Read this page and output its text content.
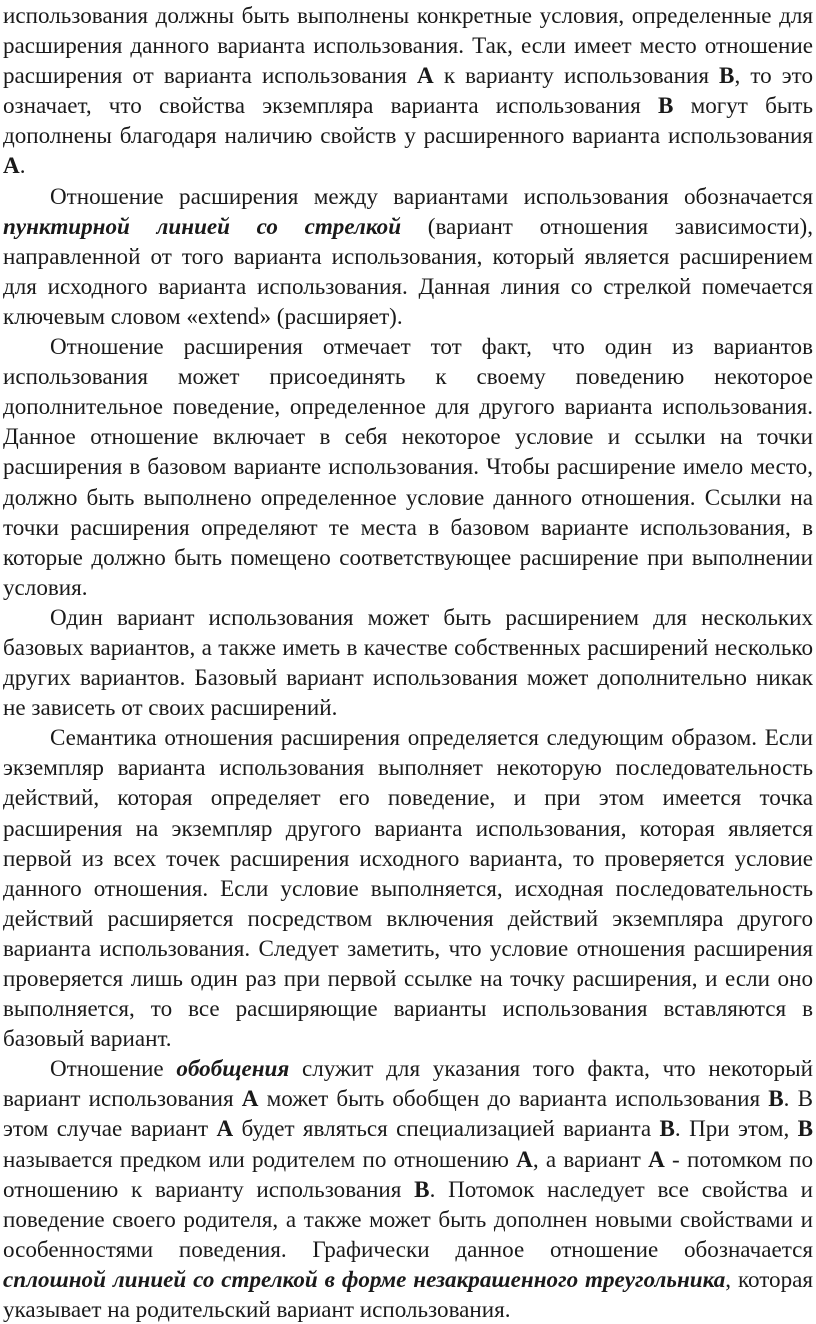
использования должны быть выполнены конкретные условия, определенные для расширения данного варианта использования. Так, если имеет место отношение расширения от варианта использования A к варианту использования B, то это означает, что свойства экземпляра варианта использования B могут быть дополнены благодаря наличию свойств у расширенного варианта использования А.

Отношение расширения между вариантами использования обозначается пунктирной линией со стрелкой (вариант отношения зависимости), направленной от того варианта использования, который является расширением для исходного варианта использования. Данная линия со стрелкой помечается ключевым словом «extend» (расширяет).

Отношение расширения отмечает тот факт, что один из вариантов использования может присоединять к своему поведению некоторое дополнительное поведение, определенное для другого варианта использования. Данное отношение включает в себя некоторое условие и ссылки на точки расширения в базовом варианте использования. Чтобы расширение имело место, должно быть выполнено определенное условие данного отношения. Ссылки на точки расширения определяют те места в базовом варианте использования, в которые должно быть помещено соответствующее расширение при выполнении условия.

Один вариант использования может быть расширением для нескольких базовых вариантов, а также иметь в качестве собственных расширений несколько других вариантов. Базовый вариант использования может дополнительно никак не зависеть от своих расширений.

Семантика отношения расширения определяется следующим образом. Если экземпляр варианта использования выполняет некоторую последовательность действий, которая определяет его поведение, и при этом имеется точка расширения на экземпляр другого варианта использования, которая является первой из всех точек расширения исходного варианта, то проверяется условие данного отношения. Если условие выполняется, исходная последовательность действий расширяется посредством включения действий экземпляра другого варианта использования. Следует заметить, что условие отношения расширения проверяется лишь один раз при первой ссылке на точку расширения, и если оно выполняется, то все расширяющие варианты использования вставляются в базовый вариант.

Отношение обобщения служит для указания того факта, что некоторый вариант использования А может быть обобщен до варианта использования В. В этом случае вариант А будет являться специализацией варианта В. При этом, В называется предком или родителем по отношению А, а вариант А - потомком по отношению к варианту использования В. Потомок наследует все свойства и поведение своего родителя, а также может быть дополнен новыми свойствами и особенностями поведения. Графически данное отношение обозначается сплошной линией со стрелкой в форме незакрашенного треугольника, которая указывает на родительский вариант использования.
